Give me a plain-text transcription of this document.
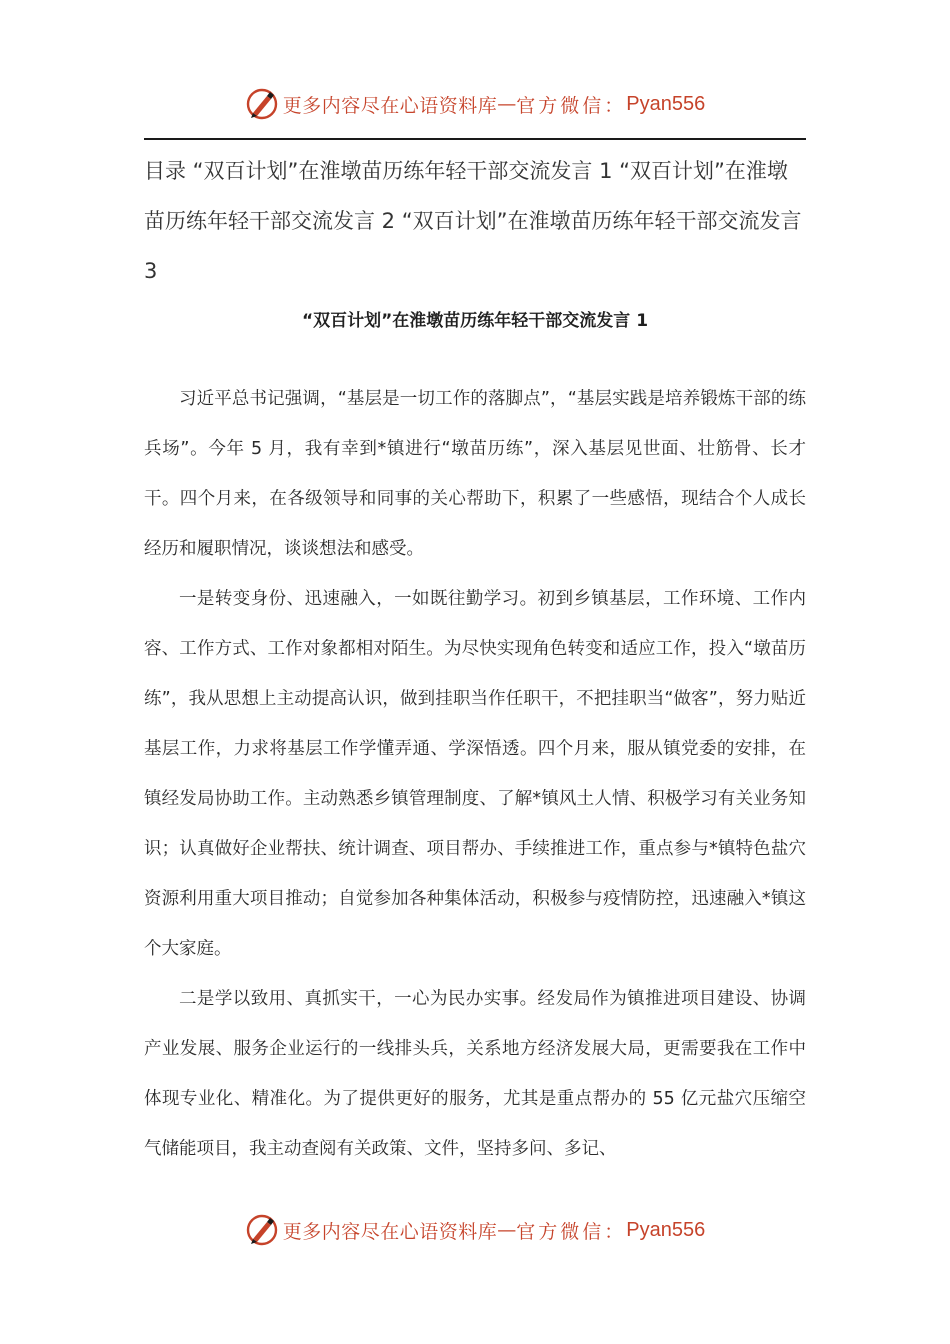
更多内容尽在心语资料库 — 官方微信： Pyan556

目录 “双百计划”在淮墩苗历练年轻干部交流发言 1 “双百计划”在淮墩苗历练年轻干部交流发言 2 “双百计划”在淮墩苗历练年轻干部交流发言 3

“双百计划”在淮墩苗历练年轻干部交流发言 1

习近平总书记强调，“基层是一切工作的落脚点”，“基层实践是培养锻炼干部的练兵场”。今年 5 月，我有幸到*镇进行“墩苗历练”，深入基层见世面、壮筋骨、长才干。四个月来，在各级领导和同事的关心帮助下，积累了一些感悟，现结合个人成长经历和履职情况，谈谈想法和感受。

一是转变身份、迅速融入，一如既往勤学习。初到乡镇基层，工作环境、工作内容、工作方式、工作对象都相对陌生。为尽快实现角色转变和适应工作，投入“墩苗历练”，我从思想上主动提高认识，做到挂职当作任职干，不把挂职当“做客”，努力贴近基层工作，力求将基层工作学懂弄通、学深悟透。四个月来，服从镇党委的安排，在镇经发局协助工作。主动熟悉乡镇管理制度、了解*镇风土人情、积极学习有关业务知识；认真做好企业帮扶、统计调查、项目帮办、手续推进工作，重点参与*镇特色盐穴资源利用重大项目推动；自觉参加各种集体活动，积极参与疫情防控，迅速融入*镇这个大家庭。

二是学以致用、真抓实干，一心为民办实事。经发局作为镇推进项目建设、协调产业发展、服务企业运行的一线排头兵，关系地方经济发展大局，更需要我在工作中体现专业化、精准化。为了提供更好的服务，尤其是重点帮办的 55 亿元盐穴压缩空气储能项目，我主动查阅有关政策、文件，坚持多问、多记、

更多内容尽在心语资料库 — 官方微信： Pyan556
